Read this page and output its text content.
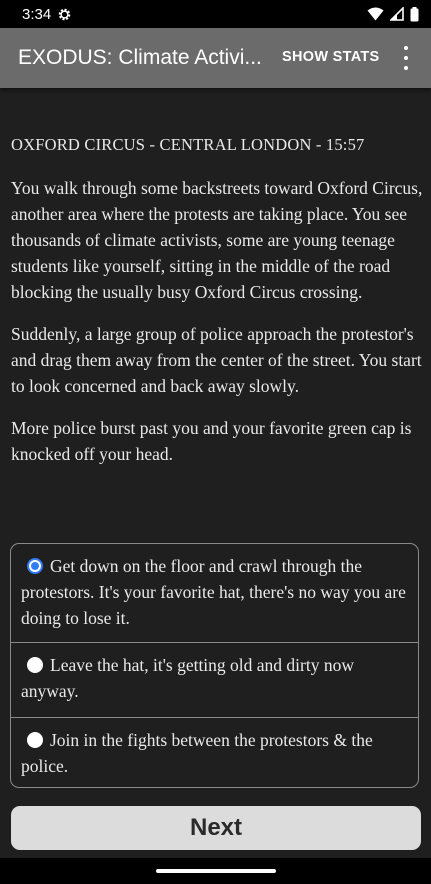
3:34
EXODUS: Climate Activi...	SHOW STATS

OXFORD CIRCUS - CENTRAL LONDON - 15:57

You walk through some backstreets toward Oxford Circus, another area where the protests are taking place. You see thousands of climate activists, some are young teenage students like yourself, sitting in the middle of the road blocking the usually busy Oxford Circus crossing.

Suddenly, a large group of police approach the protestor's and drag them away from the center of the street. You start to look concerned and back away slowly.

More police burst past you and your favorite green cap is knocked off your head.

Get down on the floor and crawl through the protestors. It's your favorite hat, there's no way you are doing to lose it.
Leave the hat, it's getting old and dirty now anyway.
Join in the fights between the protestors & the police.
Next
